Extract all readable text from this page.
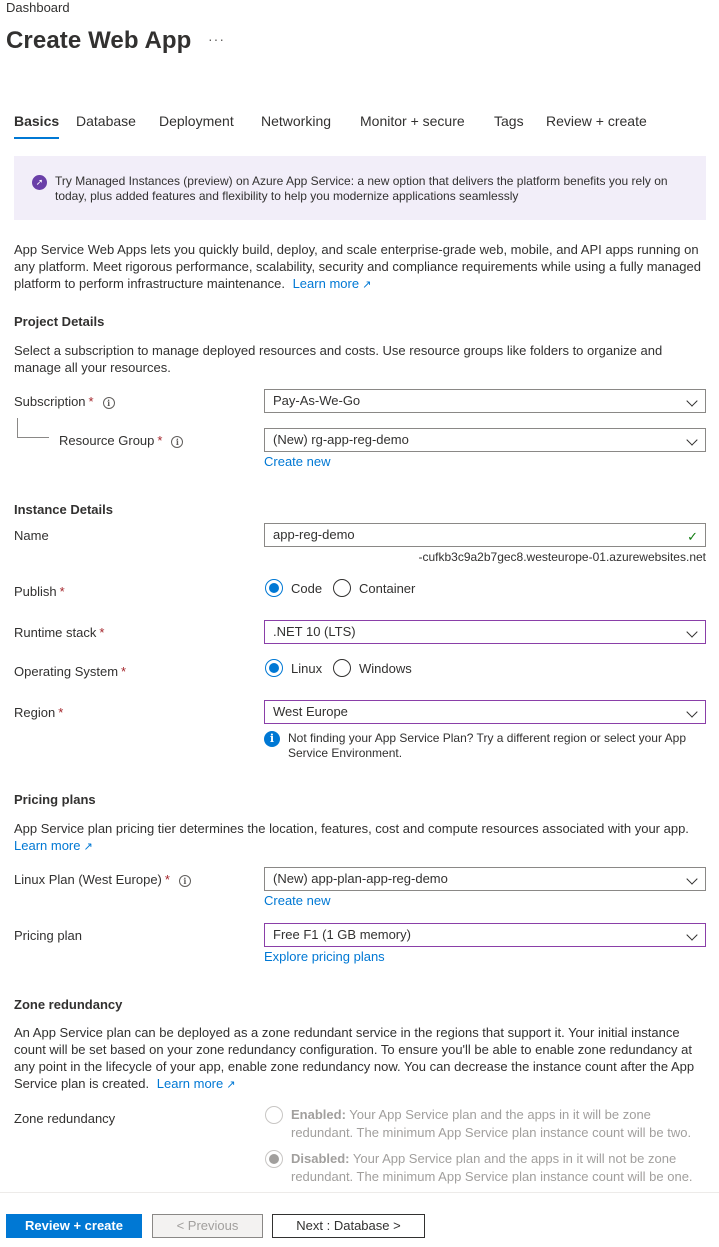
Dashboard
Create Web App ···
Basics Database Deployment Networking Monitor + secure Tags Review + create
➚ Try Managed Instances (preview) on Azure App Service: a new option that delivers the platform benefits you rely on today, plus added features and flexibility to help you modernize applications seamlessly
App Service Web Apps lets you quickly build, deploy, and scale enterprise-grade web, mobile, and API apps running on any platform. Meet rigorous performance, scalability, security and compliance requirements while using a fully managed platform to perform infrastructure maintenance. Learn more ↗
Project Details
Select a subscription to manage deployed resources and costs. Use resource groups like folders to organize and manage all your resources.
Subscription * i	Pay-As-We-Go
Resource Group * i	(New) rg-app-reg-demo
Create new
Instance Details
Name	app-reg-demo	✓
-cufkb3c9a2b7gec8.westeurope-01.azurewebsites.net
Publish *	Code	Container
Runtime stack *	.NET 10 (LTS)
Operating System *	Linux	Windows
Region *	West Europe
i	Not finding your App Service Plan? Try a different region or select your App Service Environment.
Pricing plans
App Service plan pricing tier determines the location, features, cost and compute resources associated with your app.
Learn more ↗
Linux Plan (West Europe) * i	(New) app-plan-app-reg-demo
Create new
Pricing plan	Free F1 (1 GB memory)
Explore pricing plans
Zone redundancy
An App Service plan can be deployed as a zone redundant service in the regions that support it. Your initial instance count will be set based on your zone redundancy configuration. To ensure you'll be able to enable zone redundancy at any point in the lifecycle of your app, enable zone redundancy now. You can decrease the instance count after the App Service plan is created. Learn more ↗
Zone redundancy	Enabled: Your App Service plan and the apps in it will be zone redundant. The minimum App Service plan instance count will be two.
Disabled: Your App Service plan and the apps in it will not be zone redundant. The minimum App Service plan instance count will be one.
Review + create	< Previous	Next : Database >
